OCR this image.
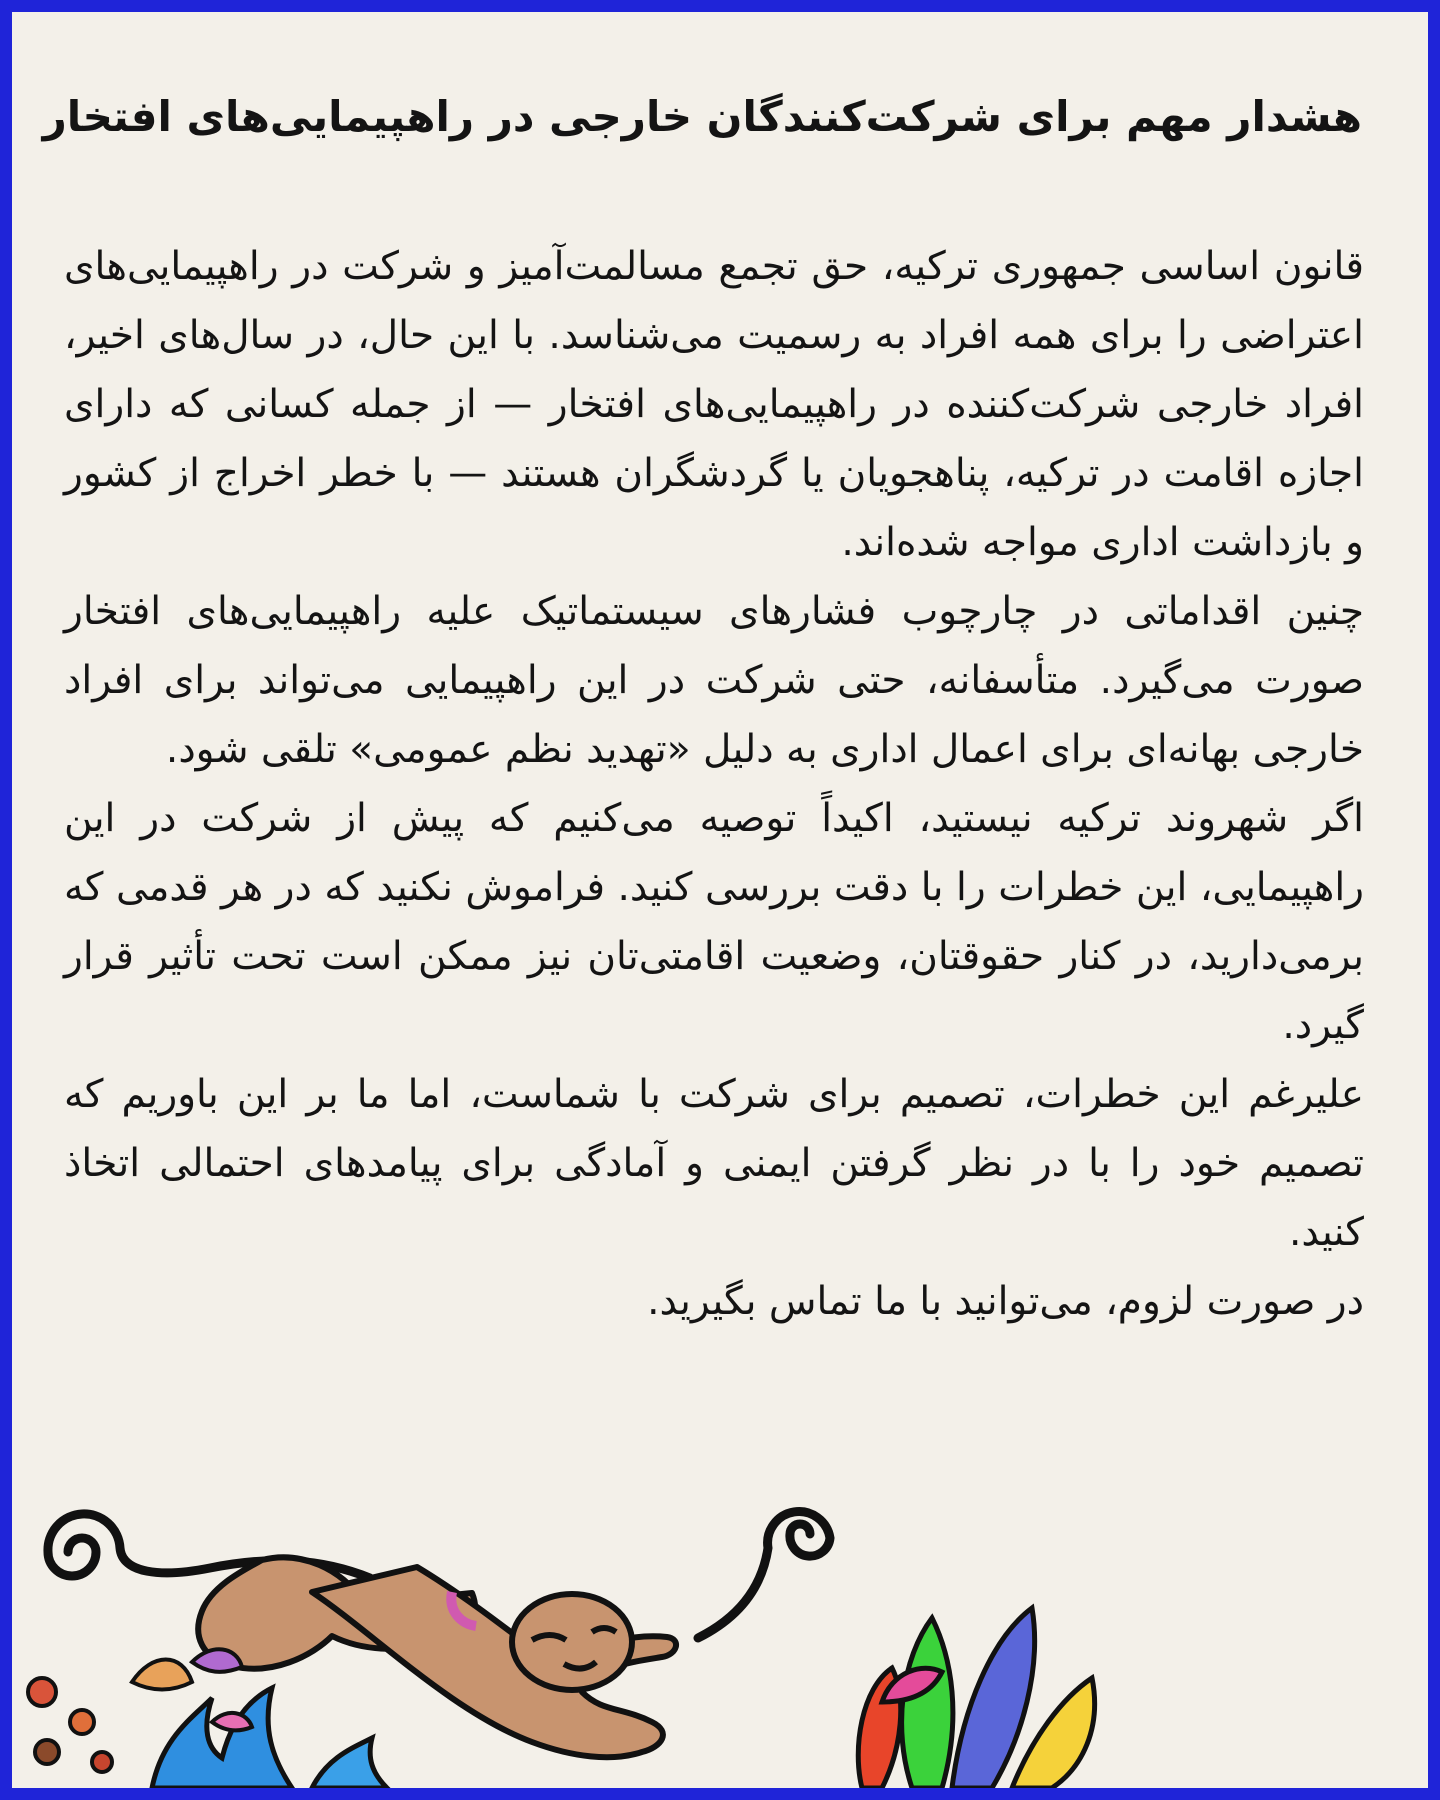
هشدار مهم برای شرکت‌کنندگان خارجی در راهپیمایی‌های افتخار

قانون اساسی جمهوری ترکیه، حق تجمع مسالمت‌آمیز و شرکت در راهپیمایی‌های اعتراضی را برای همه افراد به رسمیت می‌شناسد. با این حال، در سال‌های اخیر، افراد خارجی شرکت‌کننده در راهپیمایی‌های افتخار — از جمله کسانی که دارای اجازه اقامت در ترکیه، پناهجویان یا گردشگران هستند — با خطر اخراج از کشور و بازداشت اداری مواجه شده‌اند.

چنین اقداماتی در چارچوب فشارهای سیستماتیک علیه راهپیمایی‌های افتخار صورت می‌گیرد. متأسفانه، حتی شرکت در این راهپیمایی می‌تواند برای افراد خارجی بهانه‌ای برای اعمال اداری به دلیل «تهدید نظم عمومی» تلقی شود.

اگر شهروند ترکیه نیستید، اکیداً توصیه می‌کنیم که پیش از شرکت در این راهپیمایی، این خطرات را با دقت بررسی کنید. فراموش نکنید که در هر قدمی که برمی‌دارید، در کنار حقوقتان، وضعیت اقامتی‌تان نیز ممکن است تحت تأثیر قرار گیرد.

علیرغم این خطرات، تصمیم برای شرکت با شماست، اما ما بر این باوریم که تصمیم خود را با در نظر گرفتن ایمنی و آمادگی برای پیامدهای احتمالی اتخاذ کنید.

در صورت لزوم، می‌توانید با ما تماس بگیرید.
